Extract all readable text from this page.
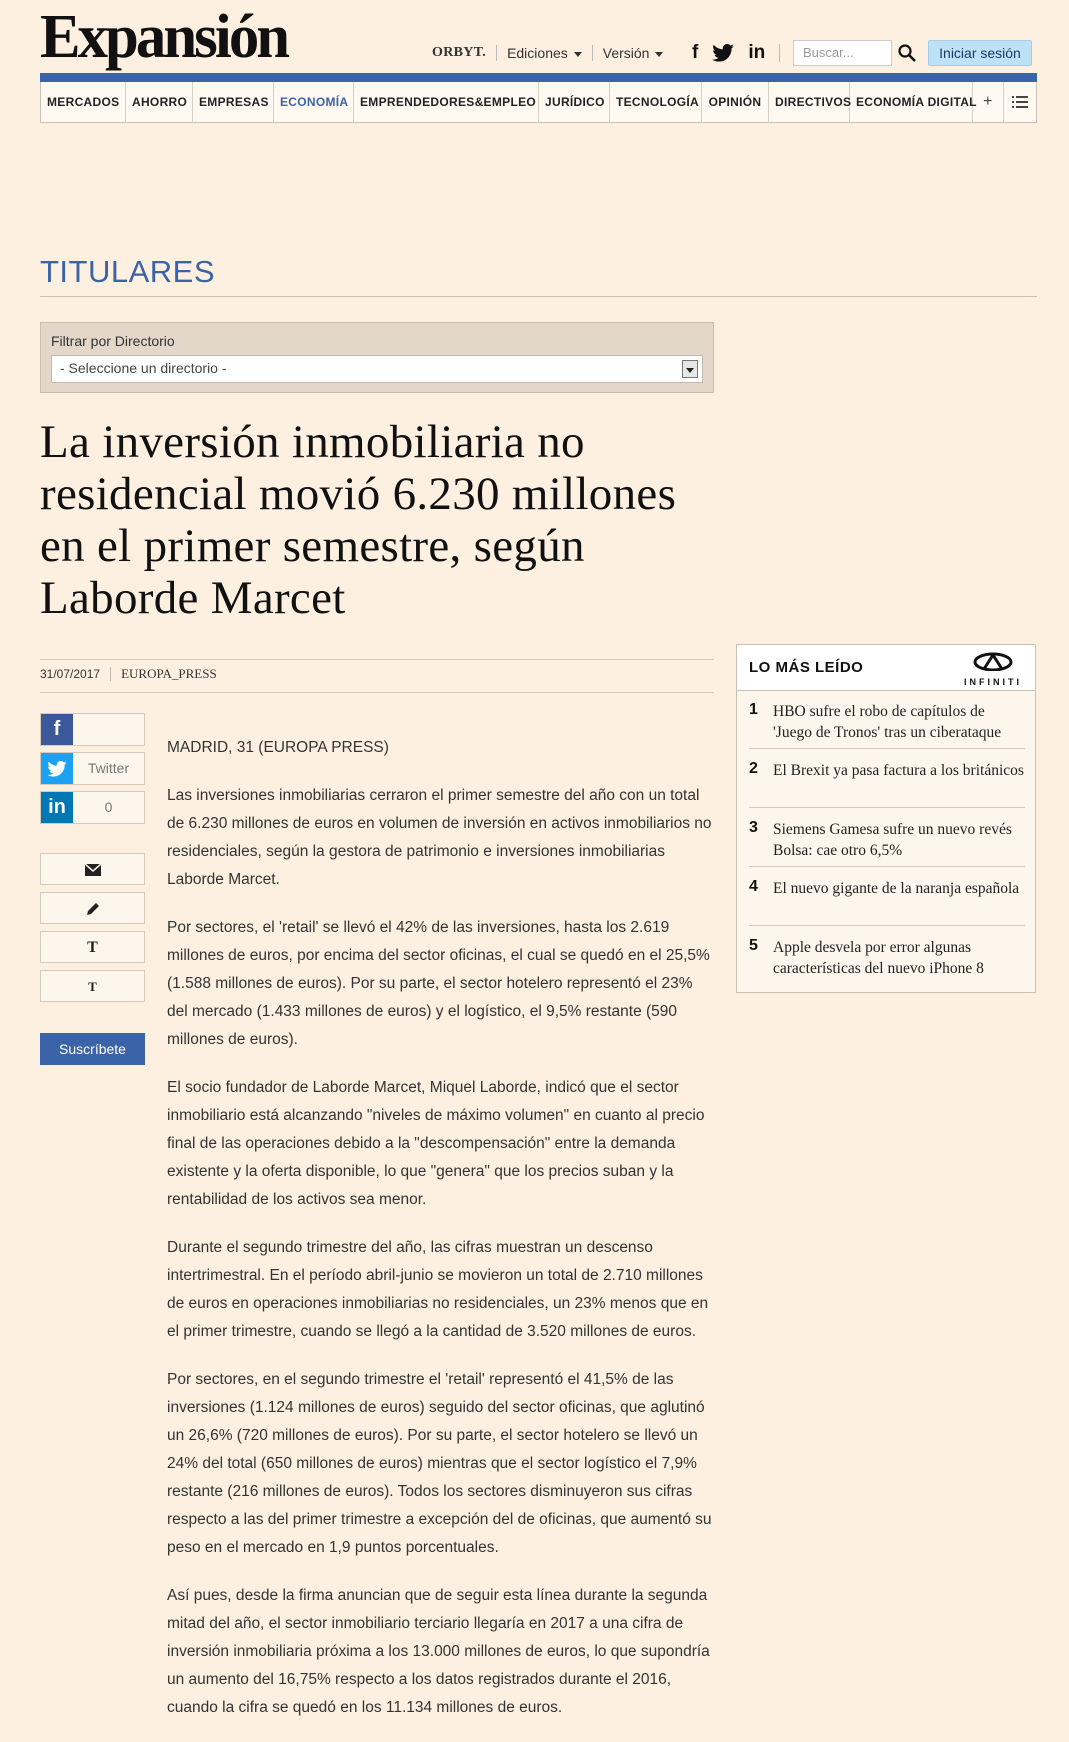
Expansión	ORBYT. Ediciones	Versión	f	in	Buscar...	Iniciar sesión
MERCADOS	AHORRO EMPRESAS ECONOMÍA EMPRENDEDORES&EMPLEO JURÍDICO TECNOLOGÍA OPINIÓN	DIRECTIVOS ECONOMÍA DIGITAL +
TITULARES
Filtrar por Directorio
- Seleccione un directorio -
La inversión inmobiliaria no residencial movió 6.230 millones en el primer semestre, según Laborde Marcet
31/07/2017 EUROPA_PRESS
f
Twitter
in	0
T
T
Suscríbete

MADRID, 31 (EUROPA PRESS)

Las inversiones inmobiliarias cerraron el primer semestre del año con un total de 6.230 millones de euros en volumen de inversión en activos inmobiliarios no residenciales, según la gestora de patrimonio e inversiones inmobiliarias Laborde Marcet.

Por sectores, el 'retail' se llevó el 42% de las inversiones, hasta los 2.619 millones de euros, por encima del sector oficinas, el cual se quedó en el 25,5% (1.588 millones de euros). Por su parte, el sector hotelero representó el 23% del mercado (1.433 millones de euros) y el logístico, el 9,5% restante (590 millones de euros).

El socio fundador de Laborde Marcet, Miquel Laborde, indicó que el sector inmobiliario está alcanzando "niveles de máximo volumen" en cuanto al precio final de las operaciones debido a la "descompensación" entre la demanda existente y la oferta disponible, lo que "genera" que los precios suban y la rentabilidad de los activos sea menor.

Durante el segundo trimestre del año, las cifras muestran un descenso intertrimestral. En el período abril-junio se movieron un total de 2.710 millones de euros en operaciones inmobiliarias no residenciales, un 23% menos que en el primer trimestre, cuando se llegó a la cantidad de 3.520 millones de euros.

Por sectores, en el segundo trimestre el 'retail' representó el 41,5% de las inversiones (1.124 millones de euros) seguido del sector oficinas, que aglutinó un 26,6% (720 millones de euros). Por su parte, el sector hotelero se llevó un 24% del total (650 millones de euros) mientras que el sector logístico el 7,9% restante (216 millones de euros). Todos los sectores disminuyeron sus cifras respecto a las del primer trimestre a excepción del de oficinas, que aumentó su peso en el mercado en 1,9 puntos porcentuales.

Así pues, desde la firma anuncian que de seguir esta línea durante la segunda mitad del año, el sector inmobiliario terciario llegaría en 2017 a una cifra de inversión inmobiliaria próxima a los 13.000 millones de euros, lo que supondría un aumento del 16,75% respecto a los datos registrados durante el 2016, cuando la cifra se quedó en los 11.134 millones de euros.

LO MÁS LEÍDO
INFINITI
1 HBO sufre el robo de capítulos de 'Juego de Tronos' tras un ciberataque
2 El Brexit ya pasa factura a los británicos
3 Siemens Gamesa sufre un nuevo revés Bolsa: cae otro 6,5%
4 El nuevo gigante de la naranja española
5 Apple desvela por error algunas características del nuevo iPhone 8
